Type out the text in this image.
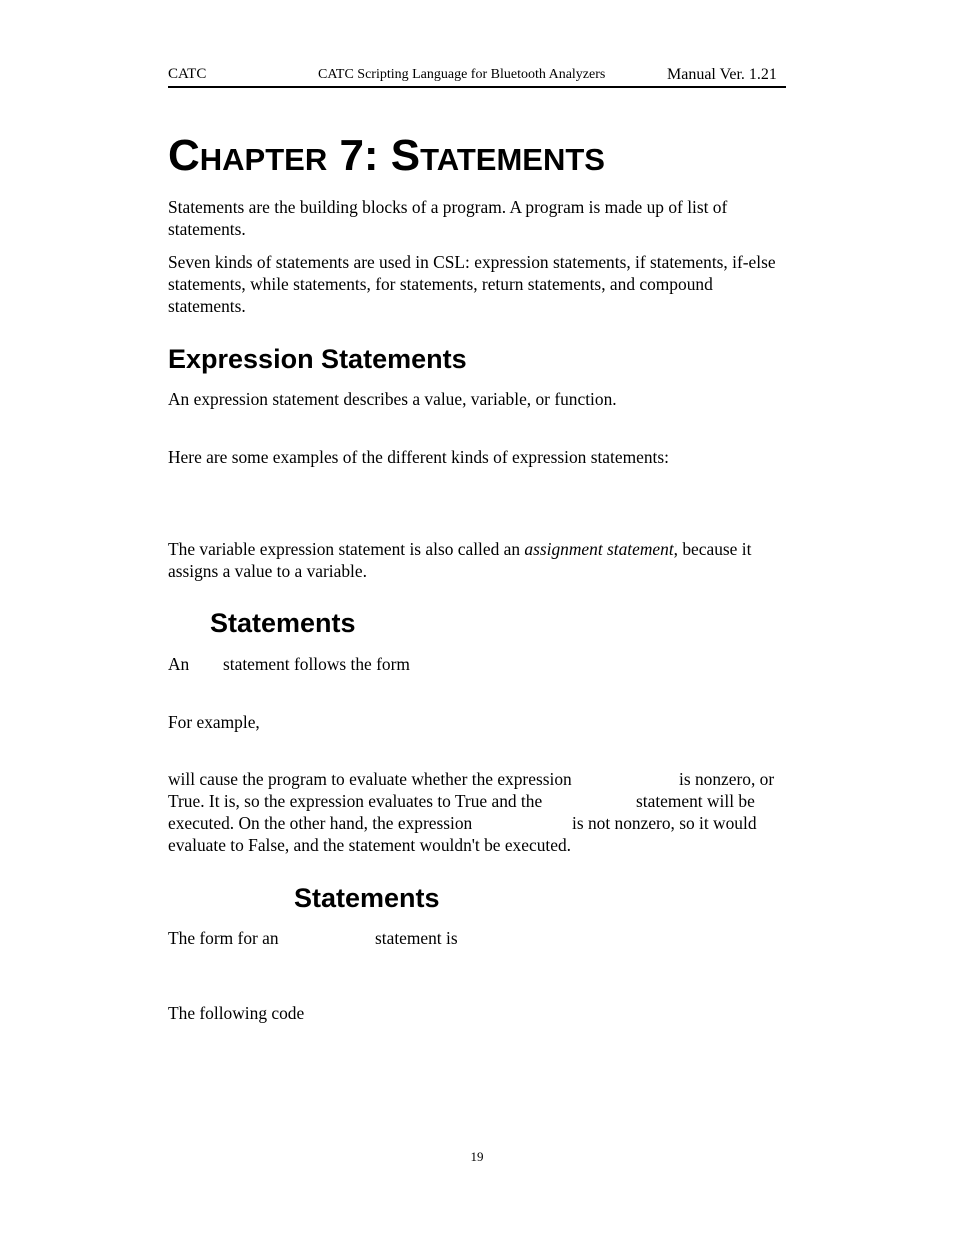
CATC	CATC Scripting Language for Bluetooth Analyzers	Manual Ver. 1.21
Chapter 7: Statements
Statements are the building blocks of a program. A program is made up of list of statements.
Seven kinds of statements are used in CSL: expression statements, if statements, if-else statements, while statements, for statements, return statements, and compound statements.
Expression Statements
An expression statement describes a value, variable, or function.
Here are some examples of the different kinds of expression statements:
The variable expression statement is also called an assignment statement, because it assigns a value to a variable.
Statements
An statement follows the form
For example,
will cause the program to evaluate whether the expression	is nonzero, or
True. It is, so the expression evaluates to True and the	statement will be
executed. On the other hand, the expression	is not nonzero, so it would
evaluate to False, and the statement wouldn't be executed.
Statements
The form for an	statement is
The following code
19
